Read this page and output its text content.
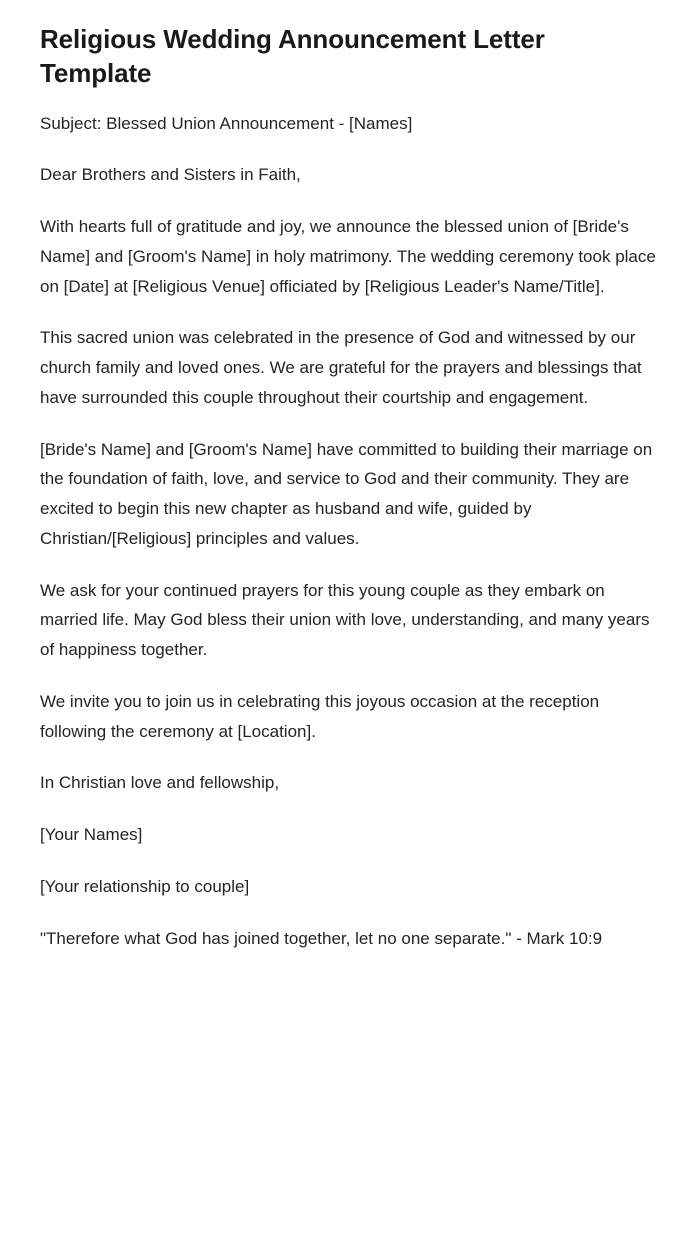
Religious Wedding Announcement Letter Template

Subject: Blessed Union Announcement - [Names]

Dear Brothers and Sisters in Faith,

With hearts full of gratitude and joy, we announce the blessed union of [Bride's Name] and [Groom's Name] in holy matrimony. The wedding ceremony took place on [Date] at [Religious Venue] officiated by [Religious Leader's Name/Title].

This sacred union was celebrated in the presence of God and witnessed by our church family and loved ones. We are grateful for the prayers and blessings that have surrounded this couple throughout their courtship and engagement.

[Bride's Name] and [Groom's Name] have committed to building their marriage on the foundation of faith, love, and service to God and their community. They are excited to begin this new chapter as husband and wife, guided by Christian/[Religious] principles and values.

We ask for your continued prayers for this young couple as they embark on married life. May God bless their union with love, understanding, and many years of happiness together.

We invite you to join us in celebrating this joyous occasion at the reception following the ceremony at [Location].

In Christian love and fellowship,

[Your Names]

[Your relationship to couple]

"Therefore what God has joined together, let no one separate." - Mark 10:9
